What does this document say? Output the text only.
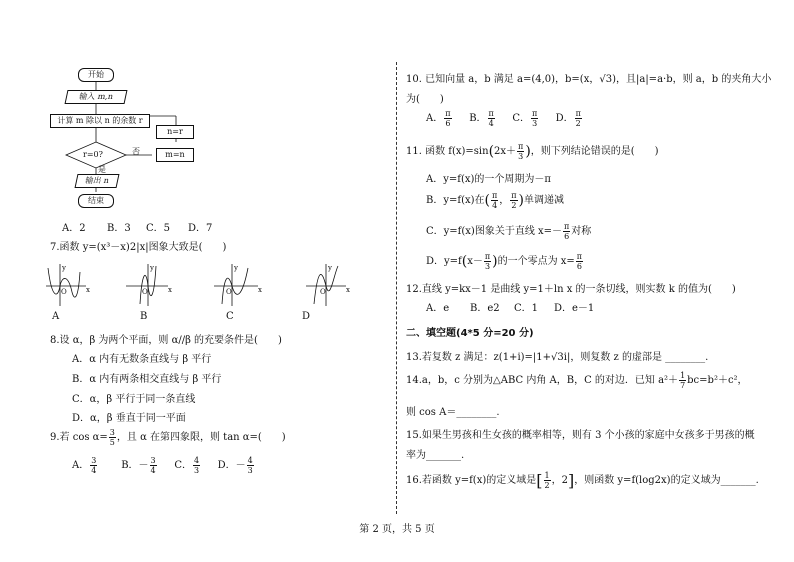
开始
输入 m,n
计算 m 除以 n 的余数 r
r=0?	否
n=r
m=n
是
输出 n
结束
A．2 B．3 C．5 D．7
7.函数 y=(x³－x)2|x|图象大致是(　　)
y
x
O
y
x
O
y
x
O
y
x
O
A	B	C	D
8.设 α，β 为两个平面，则 α//β 的充要条件是(　　)
A．α 内有无数条直线与 β 平行
B．α 内有两条相交直线与 β 平行
C．α，β 平行于同一条直线
D．α，β 垂直于同一平面
9.若 $\cos \alpha= \frac{3}{5}$ ，且 α 在第四象限，则 tan α=(　　)
A． $\frac{3}{4}$ B．－ $\frac{3}{4}$ C． $\frac{4}{3}$ D．－ $\frac{4}{3}$
10. 已知向量 a，b 满足 a=(4,0)，b=(x，√3)，且|a|=a·b，则 a，b 的夹角大小
为(　　)
A． $\frac{\pi}{6}$ B． $\frac{\pi}{4}$ C． $\frac{\pi}{3}$ D． $\frac{\pi}{2}$
11. 函数 $f(x)=\sin(2x+ \frac{\pi}{3}$ )，则下列结论错误的是(　　)
A．y=f(x)的一个周期为－π
B．y=f(x)在( $\frac{\pi}{4}$ ， $\frac{\pi}{2}$ )单调递减
C．y=f(x)图象关于直线 $x=- \frac{\pi}{6}$ 对称
D．$y=f(x- \frac{\pi}{3}$ )的一个零点为 $x= \frac{\pi}{6}$
12.直线 y=kx－1 是曲线 y=1＋ln x 的一条切线，则实数 k 的值为(　　)
A．e B．e2 C．1 D．e－1
二、填空题(4*5 分=20 分)
13.若复数 z 满足：z(1+i)=|1+√3i|，则复数 z 的虚部是 ________.
14.a，b，c 分别为△ABC 内角 A，B，C 的对边．已知 $a^2+ \frac{1}{7} bc=b^2+c^2$，
则 cos A＝________.
15.如果生男孩和生女孩的概率相等，则有 3 个小孩的家庭中女孩多于男孩的概
率为_______.
16.若函数 y=f(x)的定义域是[ $\frac{1}{2}$ ，2]，则函数 y=f(log2x)的定义域为_______.
第 2 页，共 5 页
